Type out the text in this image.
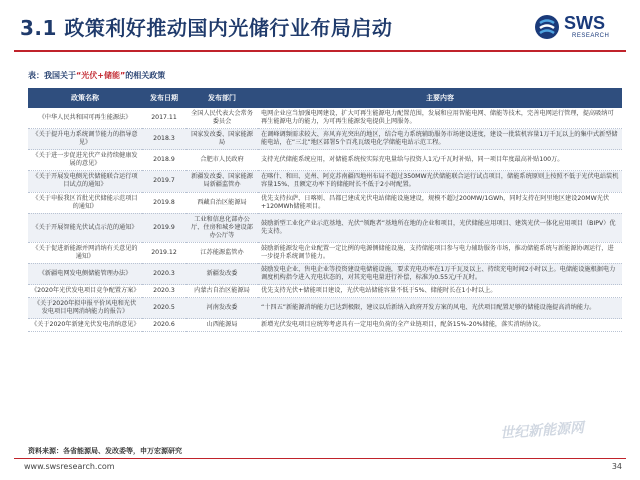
3.1 政策利好推动国内光储行业布局启动	SWS
RESEARCH
表：我国关于“光伏+储能”的相关政策
政策名称	发布日期	发布部门	主要内容
《中华人民共和国可再生能源法》	2017.11	全国人民代表大会常务委员会	电网企业应当加强电网建设，扩大可再生能源电力配置范围，发展和应用智能电网、储能等技术，完善电网运行管理，提高吸纳可再生能源电力的能力，为可再生能源发电提供上网服务。
《关于提升电力系统调节能力的指导意见》	2018.3	国家发改委、国家能源局	在调峰调频需求较大、弃风弃光突出的地区，结合电力系统辅助服务市场建设进度，建设一批装机容量1万千瓦以上的集中式新型储能电站，在“三北”地区部署5个百兆瓦级电化学储能电站示范工程。
《关于进一步促进光伏产业持续健康发展的意见》	2018.9	合肥市人民政府	支持光伏储能系统应用，对储能系统按实际充电量给与投资人1元/千瓦时补贴，同一项目年度最高补贴100万。
《关于开展发电侧光伏储能联合运行项目试点的通知》	2019.7	新疆发改委、国家能源局新疆监管办	在喀什、和田、克州、阿克苏南疆四地州布局不超过350MW光伏储能联合运行试点项目，储能系统原则上按照不低于光伏电站装机容量15%、且额定功率下的储能时长不低于2小时配置。
《关于申报我区首批光伏储能示范项目的通知》	2019.8	西藏自治区能源局	优先支持拉萨、日喀则、昌都已建成光伏电站储能设施建设，规模不超过200MW/1GWh，同时支持在阿里地区建设20MW光伏+120MWh储能项目。
《关于开展智能光伏试点示范的通知》	2019.9	工业和信息化部办公厅、住房和城乡建设部办公厅等	鼓励新型工业化产业示范基地、光伏“领跑者”基地所在地的企业和项目，光伏储能应用项目、建筑光伏一体化应用项目（BIPV）优先支持。
《关于促进新能源并网消纳有关意见的通知》	2019.12	江苏能源监管办	鼓励新能源发电企业配置一定比例的电源侧储能设施，支持储能项目参与电力辅助服务市场，推动储能系统与新能源协调运行，进一步提升系统调节能力。
《新疆电网发电侧储能管理办法》	2020.3	新疆发改委	鼓励发电企业、售电企业等投资建设电储能设施，要求充电功率在1万千瓦及以上、持续充电时间2小时以上。电储能设施根据电力调度机构指令进入充电状态的，对其充电电量进行补偿，标准为0.55元/千瓦时。
《2020年光伏发电项目竞争配置方案》	2020.3	内蒙古自治区能源局	优先支持光伏+储能项目建设，光伏电站储能容量不低于5%、储能时长在1小时以上。
《关于2020年拟申报平价风电和光伏发电项目电网消纳能力的报告》	2020.5	河南发改委	“十四五”新能源消纳能力已达到极限，建议以后新纳入政府开发方案的风电、光伏项目配置足够的储能设施提高消纳能力。
《关于2020年新建光伏发电消纳意见》	2020.6	山西能源局	新增光伏发电项目应统筹考虑具有一定用电负荷的全产业链项目，配备15%-20%储能，落实消纳协议。
资料来源：各省能源局、发改委等，申万宏源研究
www.swsresearch.com	34
世纪新能源网
